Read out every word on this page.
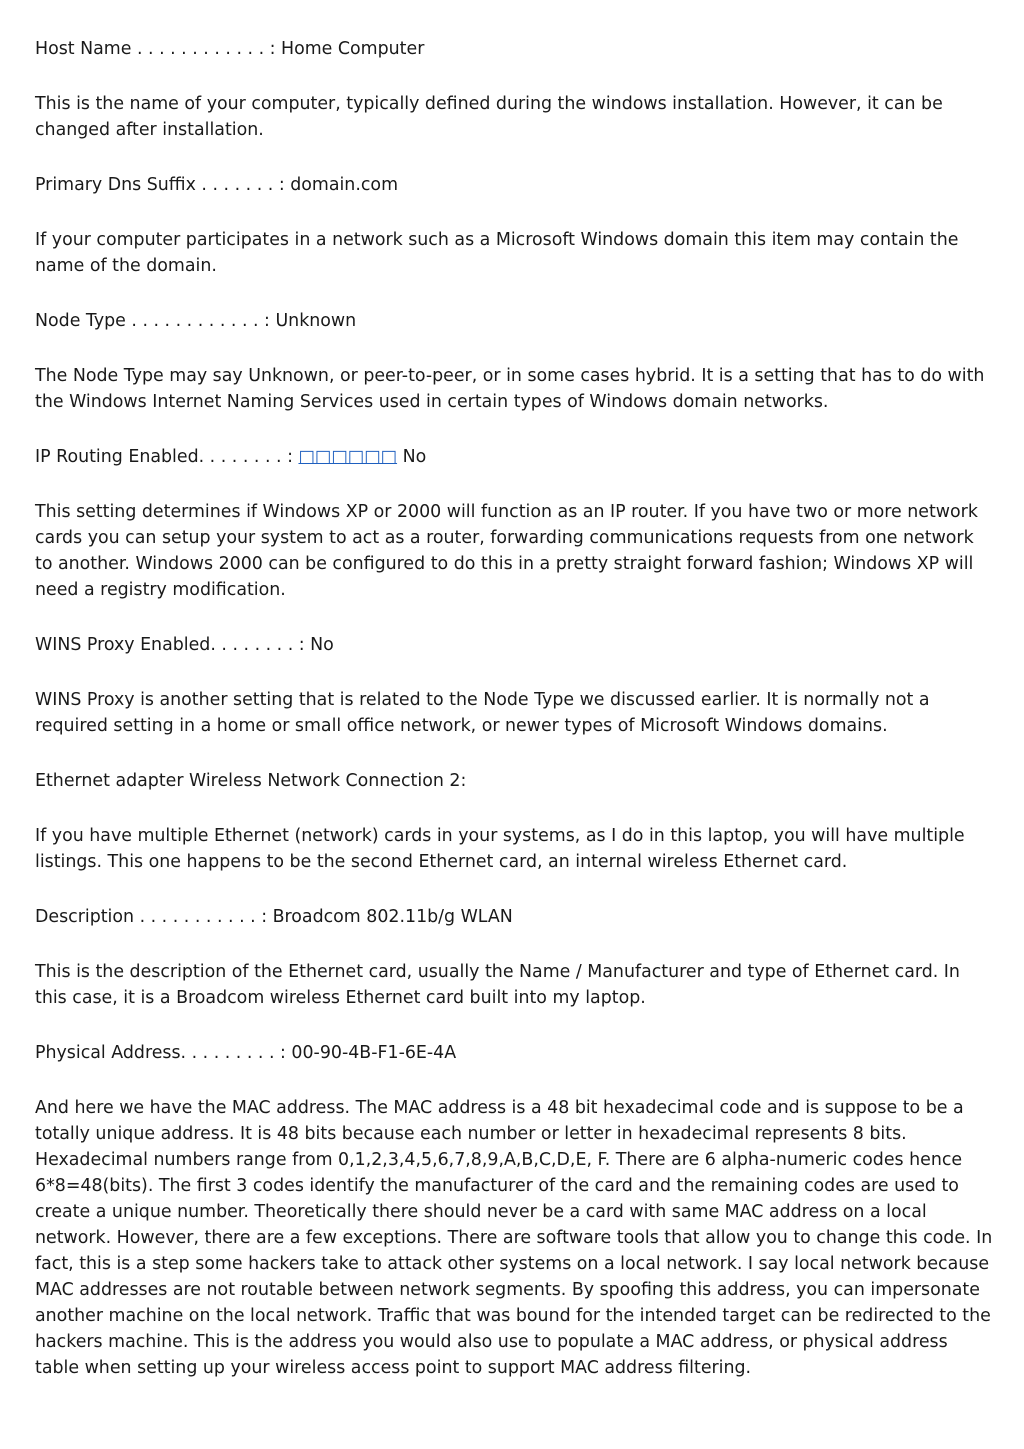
Host Name . . . . . . . . . . . . : Home Computer

This is the name of your computer, typically defined during the windows installation. However, it can be changed after installation.

Primary Dns Suffix . . . . . . . : domain.com

If your computer participates in a network such as a Microsoft Windows domain this item may contain the name of the domain.

Node Type . . . . . . . . . . . . : Unknown

The Node Type may say Unknown, or peer-to-peer, or in some cases hybrid. It is a setting that has to do with the Windows Internet Naming Services used in certain types of Windows domain networks.

IP Routing Enabled. . . . . . . . : □□□□□□ No

This setting determines if Windows XP or 2000 will function as an IP router. If you have two or more network cards you can setup your system to act as a router, forwarding communications requests from one network to another. Windows 2000 can be configured to do this in a pretty straight forward fashion; Windows XP will need a registry modification.

WINS Proxy Enabled. . . . . . . . : No

WINS Proxy is another setting that is related to the Node Type we discussed earlier. It is normally not a required setting in a home or small office network, or newer types of Microsoft Windows domains.

Ethernet adapter Wireless Network Connection 2:

If you have multiple Ethernet (network) cards in your systems, as I do in this laptop, you will have multiple listings. This one happens to be the second Ethernet card, an internal wireless Ethernet card.

Description . . . . . . . . . . . : Broadcom 802.11b/g WLAN

This is the description of the Ethernet card, usually the Name / Manufacturer and type of Ethernet card. In this case, it is a Broadcom wireless Ethernet card built into my laptop.

Physical Address. . . . . . . . . : 00-90-4B-F1-6E-4A

And here we have the MAC address. The MAC address is a 48 bit hexadecimal code and is suppose to be a totally unique address. It is 48 bits because each number or letter in hexadecimal represents 8 bits. Hexadecimal numbers range from 0,1,2,3,4,5,6,7,8,9,A,B,C,D,E, F. There are 6 alpha-numeric codes hence 6*8=48(bits). The first 3 codes identify the manufacturer of the card and the remaining codes are used to create a unique number. Theoretically there should never be a card with same MAC address on a local network. However, there are a few exceptions. There are software tools that allow you to change this code. In fact, this is a step some hackers take to attack other systems on a local network. I say local network because MAC addresses are not routable between network segments. By spoofing this address, you can impersonate another machine on the local network. Traffic that was bound for the intended target can be redirected to the hackers machine. This is the address you would also use to populate a MAC address, or physical address table when setting up your wireless access point to support MAC address filtering.
